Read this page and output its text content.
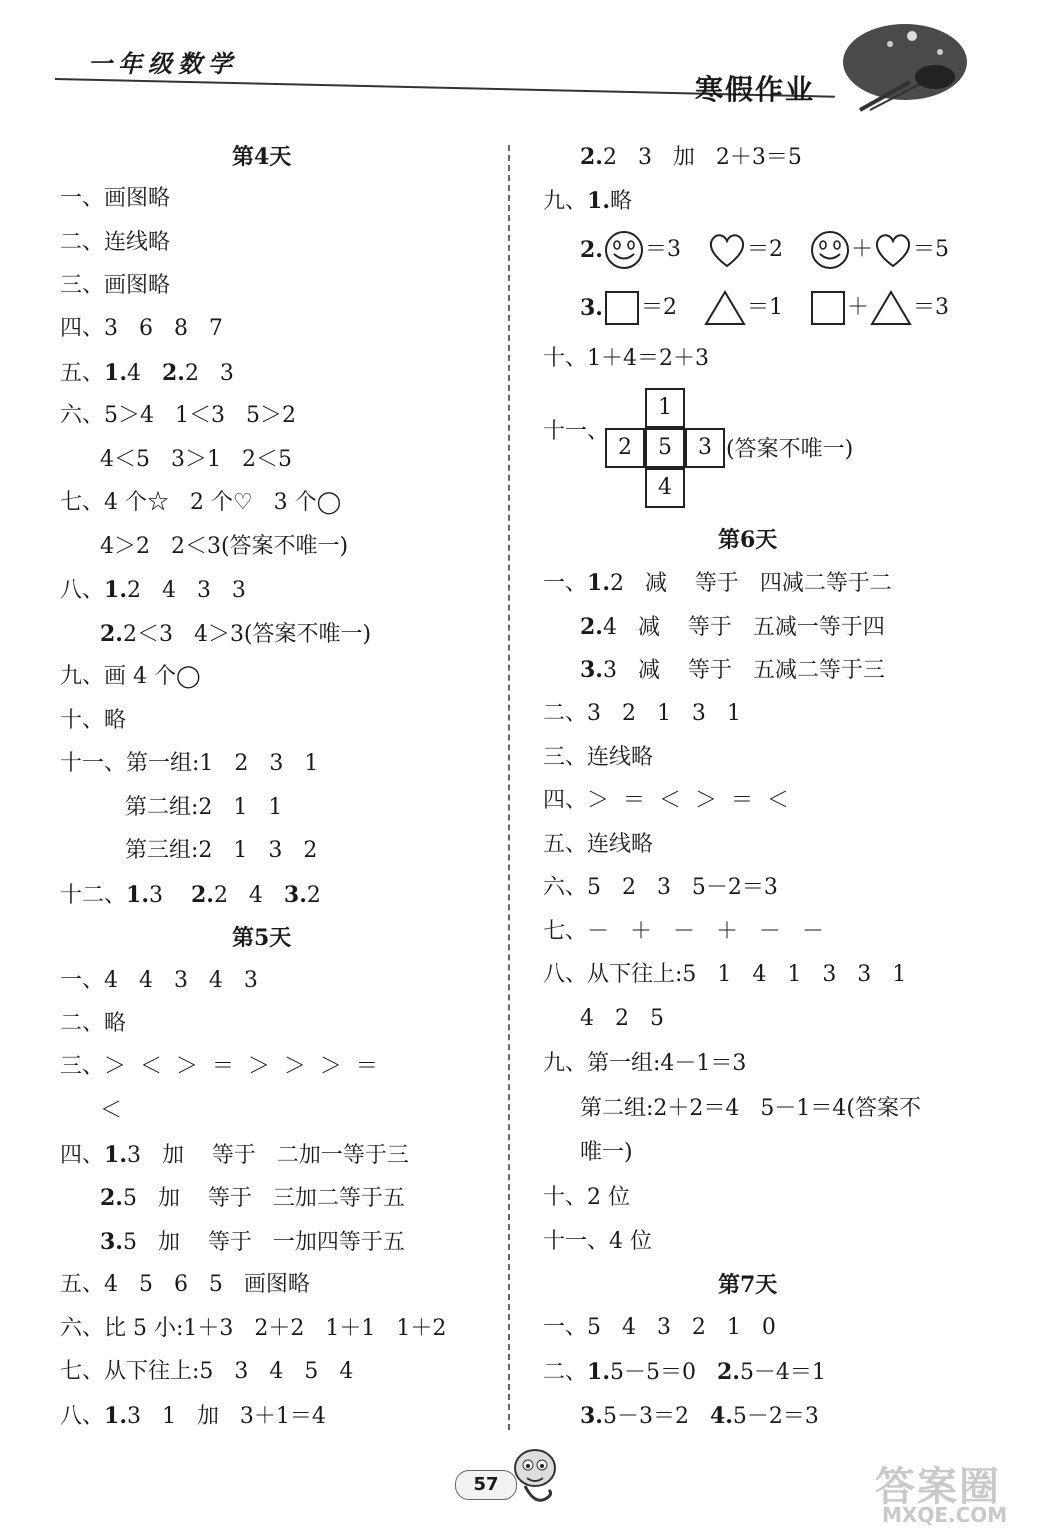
一年级数学
寒假作业
第4天
一、画图略
二、连线略
三、画图略
四、3   6   8   7
五、1.4   2.2   3
六、5＞4   1＜3   5＞2
4＜5   3＞1   2＜5
七、4 个☆   2 个♡   3 个◯
4＞2   2＜3(答案不唯一)
八、1.2   4   3   3
2.2＜3   4＞3(答案不唯一)
九、画 4 个◯
十、略
十一、第一组:1   2   3   1
第二组:2   1   1
第三组:2   1   3   2
十二、1.3    2.2   4   3.2
第5天
一、4   4   3   4   3
二、略
三、＞  ＜  ＞  ＝  ＞  ＞  ＞  ＝
＜
四、1.3   加    等于   二加一等于三
2.5   加    等于   三加二等于五
3.5   加    等于   一加四等于五
五、4   5   6   5   画图略
六、比 5 小:1＋3   2＋2   1＋1   1＋2
七、从下往上:5   3   4   5   4
八、1.3   1   加   3＋1＝4
2.2   3   加   2＋3＝5
九、1.略
2. ＝3	＝2	＋ ＝5
3. ＝2	＝1	＋ ＝3
十、1＋4＝2＋3
十一、
1
2	5	3
4
(答案不唯一)
第6天
一、1.2   减    等于   四减二等于二
2.4   减    等于   五减一等于四
3.3   减    等于   五减二等于三
二、3   2   1   3   1
三、连线略
四、＞  ＝  ＜  ＞  ＝  ＜
五、连线略
六、5   2   3   5－2＝3
七、－   ＋   －   ＋   －   －
八、从下往上:5   1   4   1   3   3   1
4   2   5
九、第一组:4－1＝3
第二组:2＋2＝4   5－1＝4(答案不
唯一)
十、2 位
十一、4 位
第7天
一、5   4   3   2   1   0
二、1.5－5＝0   2.5－4＝1
3.5－3＝2   4.5－2＝3
57	答案圈
MXQE.COM
